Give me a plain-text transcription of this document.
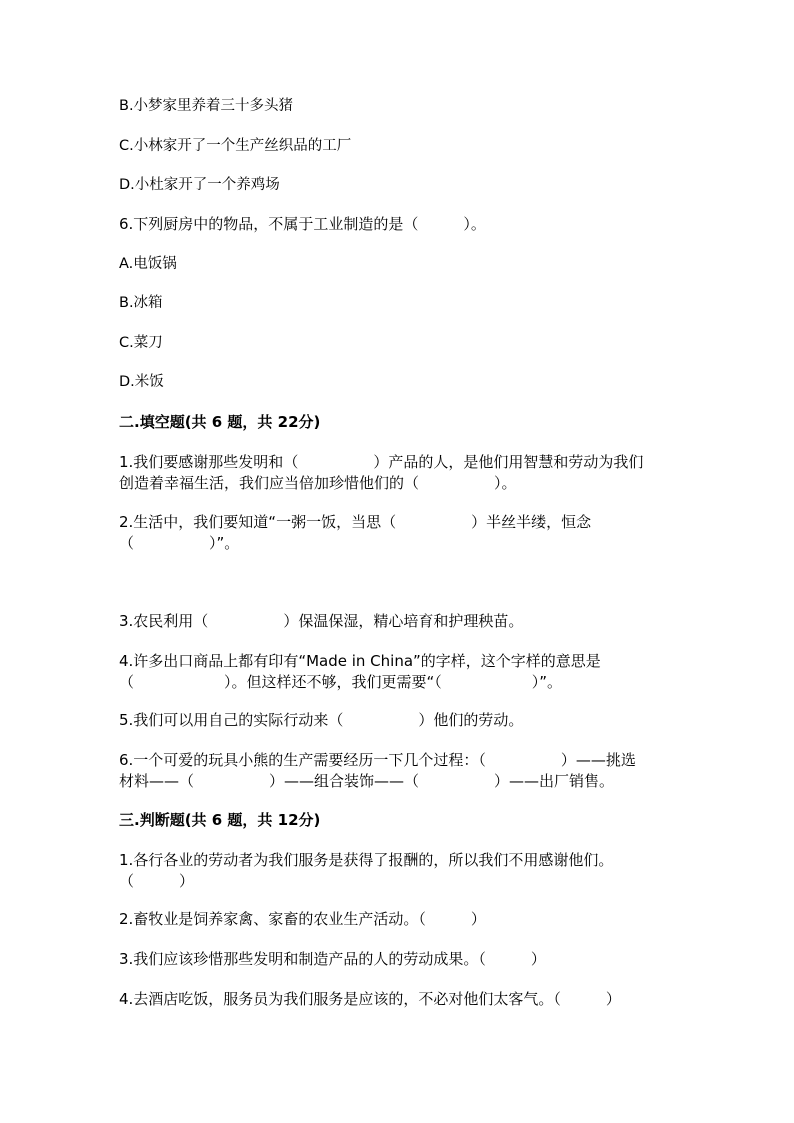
B.小梦家里养着三十多头猪
C.小林家开了一个生产丝织品的工厂
D.小杜家开了一个养鸡场
6.下列厨房中的物品，不属于工业制造的是（　　　）。
A.电饭锅
B.冰箱
C.菜刀
D.米饭
二.填空题(共 6 题，共 22分)
1.我们要感谢那些发明和（　　　　　）产品的人，是他们用智慧和劳动为我们
创造着幸福生活，我们应当倍加珍惜他们的（　　　　　）。
2.生活中，我们要知道“一粥一饭，当思（　　　　　）半丝半缕，恒念
（　　　　　）”。
3.农民利用（　　　　　）保温保湿，精心培育和护理秧苗。
4.许多出口商品上都有印有“Made in China”的字样，这个字样的意思是
（　　　　　　）。但这样还不够，我们更需要“（　　　　　　）”。
5.我们可以用自己的实际行动来（　　　　　）他们的劳动。
6.一个可爱的玩具小熊的生产需要经历一下几个过程：（　　　　　）——挑选
材料——（　　　　　）——组合装饰——（　　　　　）——出厂销售。
三.判断题(共 6 题，共 12分)
1.各行各业的劳动者为我们服务是获得了报酬的，所以我们不用感谢他们。
（　　　）
2.畜牧业是饲养家禽、家畜的农业生产活动。（　　　）
3.我们应该珍惜那些发明和制造产品的人的劳动成果。（　　　）
4.去酒店吃饭，服务员为我们服务是应该的，不必对他们太客气。（　　　）
